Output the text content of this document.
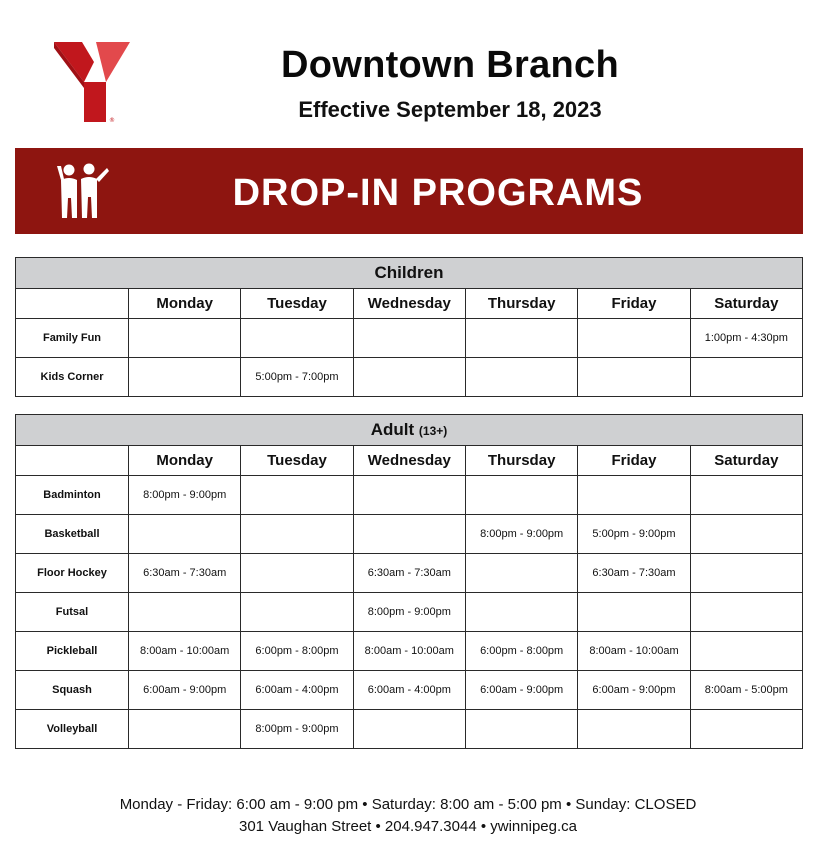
®
Downtown Branch
Effective September 18, 2023
DROP-IN PROGRAMS
Children						
	Monday	Tuesday	Wednesday	Thursday	Friday	Saturday
Family Fun						1:00pm - 4:30pm
Kids Corner		5:00pm - 7:00pm				
Adult (13+)						
	Monday	Tuesday	Wednesday	Thursday	Friday	Saturday
Badminton	8:00pm - 9:00pm					
Basketball				8:00pm - 9:00pm	5:00pm - 9:00pm	
Floor Hockey	6:30am - 7:30am		6:30am - 7:30am		6:30am - 7:30am	
Futsal			8:00pm - 9:00pm			
Pickleball	8:00am - 10:00am	6:00pm - 8:00pm	8:00am - 10:00am	6:00pm - 8:00pm	8:00am - 10:00am	
Squash	6:00am - 9:00pm	6:00am - 4:00pm	6:00am - 4:00pm	6:00am - 9:00pm	6:00am - 9:00pm	8:00am - 5:00pm
Volleyball		8:00pm - 9:00pm				
Monday - Friday: 6:00 am - 9:00 pm • Saturday: 8:00 am - 5:00 pm • Sunday: CLOSED
301 Vaughan Street • 204.947.3044 • ywinnipeg.ca
